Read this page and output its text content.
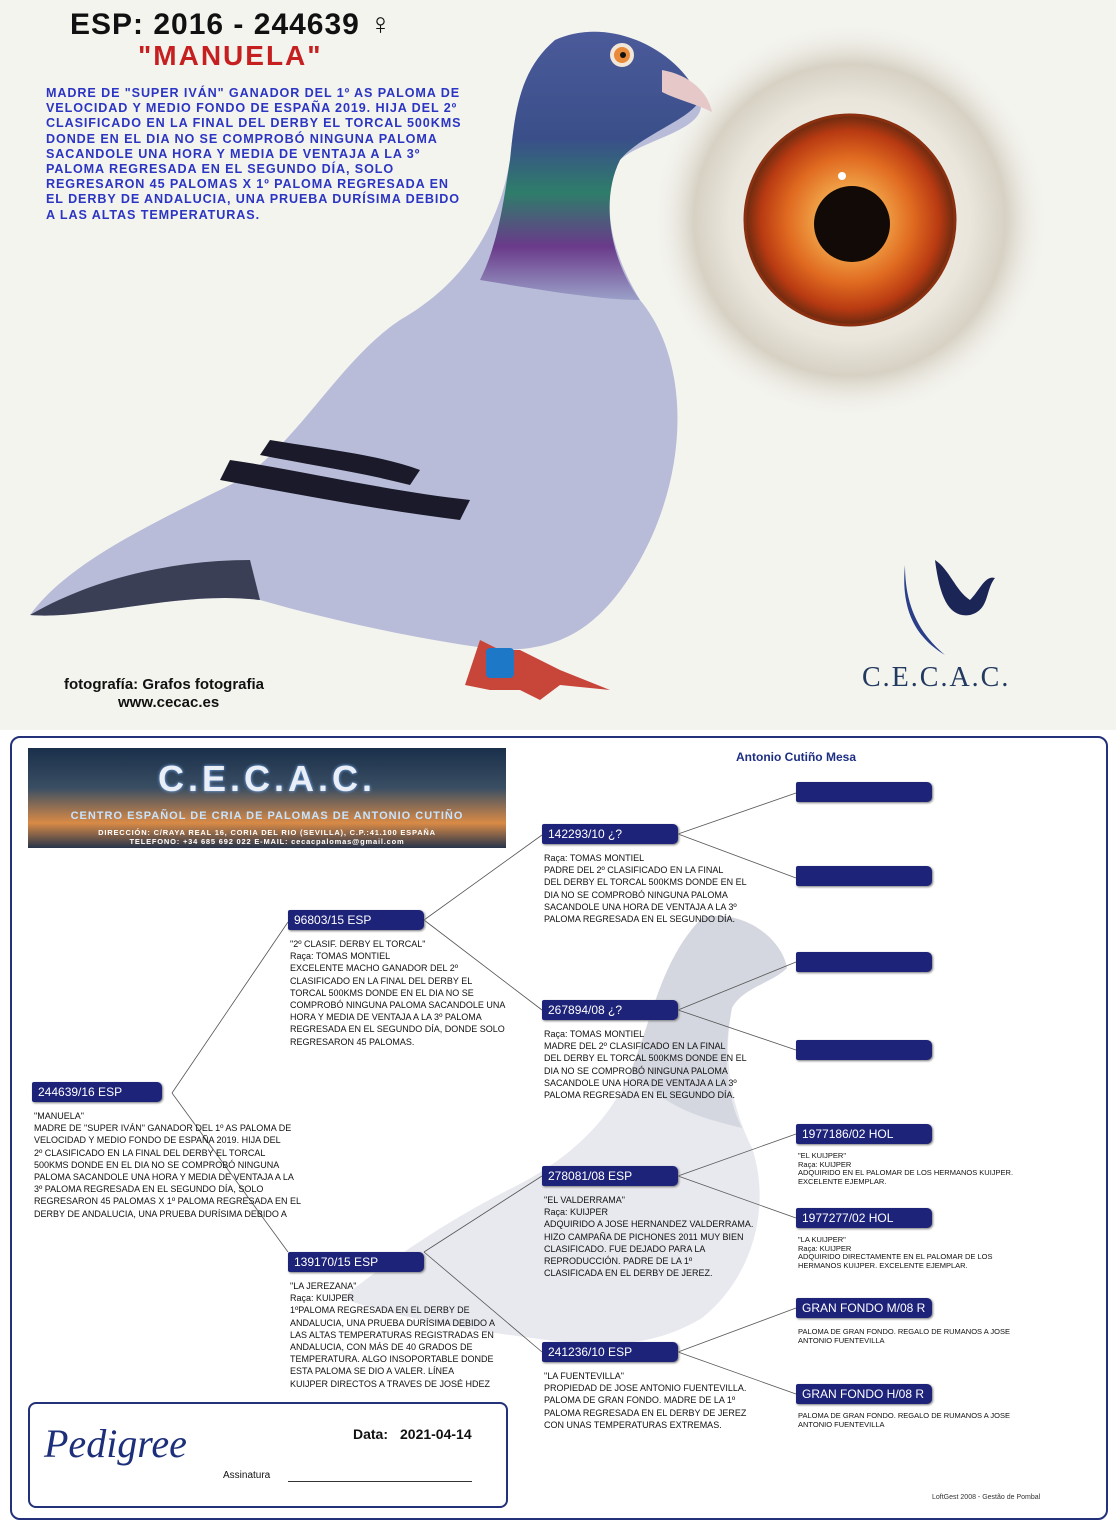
ESP: 2016 - 244639 ♀
"MANUELA"
MADRE DE "SUPER IVÁN" GANADOR DEL 1º AS PALOMA DE VELOCIDAD Y MEDIO FONDO DE ESPAÑA 2019. HIJA DEL 2º CLASIFICADO EN LA FINAL DEL DERBY EL TORCAL 500KMS DONDE EN EL DIA NO SE COMPROBÓ NINGUNA PALOMA SACANDOLE UNA HORA Y MEDIA DE VENTAJA A LA 3º PALOMA REGRESADA EN EL SEGUNDO DÍA, SOLO REGRESARON 45 PALOMAS X 1º PALOMA REGRESADA EN EL DERBY DE ANDALUCIA, UNA PRUEBA DURÍSIMA DEBIDO A LAS ALTAS TEMPERATURAS.
fotografía: Grafos fotografia
www.cecac.es
C.E.C.A.C.
C.E.C.A.C.
CENTRO ESPAÑOL DE CRIA DE PALOMAS DE ANTONIO CUTIÑO
DIRECCIÓN: C/RAYA REAL 16, CORIA DEL RIO (SEVILLA), C.P.:41.100 ESPAÑA
TELEFONO: +34 685 692 022 E-MAIL: cecacpalomas@gmail.com
Antonio Cutiño Mesa
244639/16 ESP
"MANUELA"
MADRE DE "SUPER IVÁN" GANADOR DEL 1º AS PALOMA DE
VELOCIDAD Y MEDIO FONDO DE ESPAÑA 2019. HIJA DEL
2º CLASIFICADO EN LA FINAL DEL DERBY EL TORCAL
500KMS DONDE EN EL DIA NO SE COMPROBÓ NINGUNA
PALOMA SACANDOLE UNA HORA Y MEDIA DE VENTAJA A LA
3º PALOMA REGRESADA EN EL SEGUNDO DÍA, SOLO
REGRESARON 45 PALOMAS X 1º PALOMA REGRESADA EN EL
DERBY DE ANDALUCIA, UNA PRUEBA DURÍSIMA DEBIDO A
96803/15 ESP
"2º CLASIF. DERBY EL TORCAL"
Raça: TOMAS MONTIEL
EXCELENTE MACHO GANADOR DEL 2º
CLASIFICADO EN LA FINAL DEL DERBY EL
TORCAL 500KMS DONDE EN EL DIA NO SE
COMPROBÓ NINGUNA PALOMA SACANDOLE UNA
HORA Y MEDIA DE VENTAJA A LA 3º PALOMA
REGRESADA EN EL SEGUNDO DÍA, DONDE SOLO
REGRESARON 45 PALOMAS.
139170/15 ESP
"LA JEREZANA"
Raça: KUIJPER
1ºPALOMA REGRESADA EN EL DERBY DE
ANDALUCIA, UNA PRUEBA DURÍSIMA DEBIDO A
LAS ALTAS TEMPERATURAS REGISTRADAS EN
ANDALUCIA, CON MÁS DE 40 GRADOS DE
TEMPERATURA. ALGO INSOPORTABLE DONDE
ESTA PALOMA SE DIO A VALER. LÍNEA
KUIJPER DIRECTOS A TRAVES DE JOSÉ HDEZ
142293/10 ¿?
Raça: TOMAS MONTIEL
PADRE DEL 2º CLASIFICADO EN LA FINAL
DEL DERBY EL TORCAL 500KMS DONDE EN EL
DIA NO SE COMPROBÓ NINGUNA PALOMA
SACANDOLE UNA HORA DE VENTAJA A LA 3º
PALOMA REGRESADA EN EL SEGUNDO DÍA.
267894/08 ¿?
Raça: TOMAS MONTIEL
MADRE DEL 2º CLASIFICADO EN LA FINAL
DEL DERBY EL TORCAL 500KMS DONDE EN EL
DIA NO SE COMPROBÓ NINGUNA PALOMA
SACANDOLE UNA HORA DE VENTAJA A LA 3º
PALOMA REGRESADA EN EL SEGUNDO DÍA.
278081/08 ESP
"EL VALDERRAMA"
Raça: KUIJPER
ADQUIRIDO A JOSE HERNANDEZ VALDERRAMA.
HIZO CAMPAÑA DE PICHONES 2011 MUY BIEN
CLASIFICADO. FUE DEJADO PARA LA
REPRODUCCIÓN. PADRE DE LA 1º
CLASIFICADA EN EL DERBY DE JEREZ.
241236/10 ESP
"LA FUENTEVILLA"
PROPIEDAD DE JOSE ANTONIO FUENTEVILLA.
PALOMA DE GRAN FONDO. MADRE DE LA 1º
PALOMA REGRESADA EN EL DERBY DE JEREZ
CON UNAS TEMPERATURAS EXTREMAS.
1977186/02 HOL
"EL KUIJPER"
Raça: KUIJPER
ADQUIRIDO EN EL PALOMAR DE LOS HERMANOS KUIJPER.
EXCELENTE EJEMPLAR.
1977277/02 HOL
"LA KUIJPER"
Raça: KUIJPER
ADQUIRIDO DIRECTAMENTE EN EL PALOMAR DE LOS
HERMANOS KUIJPER. EXCELENTE EJEMPLAR.
GRAN FONDO M/08 R
PALOMA DE GRAN FONDO. REGALO DE RUMANOS A JOSE
ANTONIO FUENTEVILLA
GRAN FONDO H/08 R
PALOMA DE GRAN FONDO. REGALO DE RUMANOS A JOSE
ANTONIO FUENTEVILLA
Pedigree	Data: 2021-04-14
Assinatura
LoftGest 2008 - Gestão de Pombal
